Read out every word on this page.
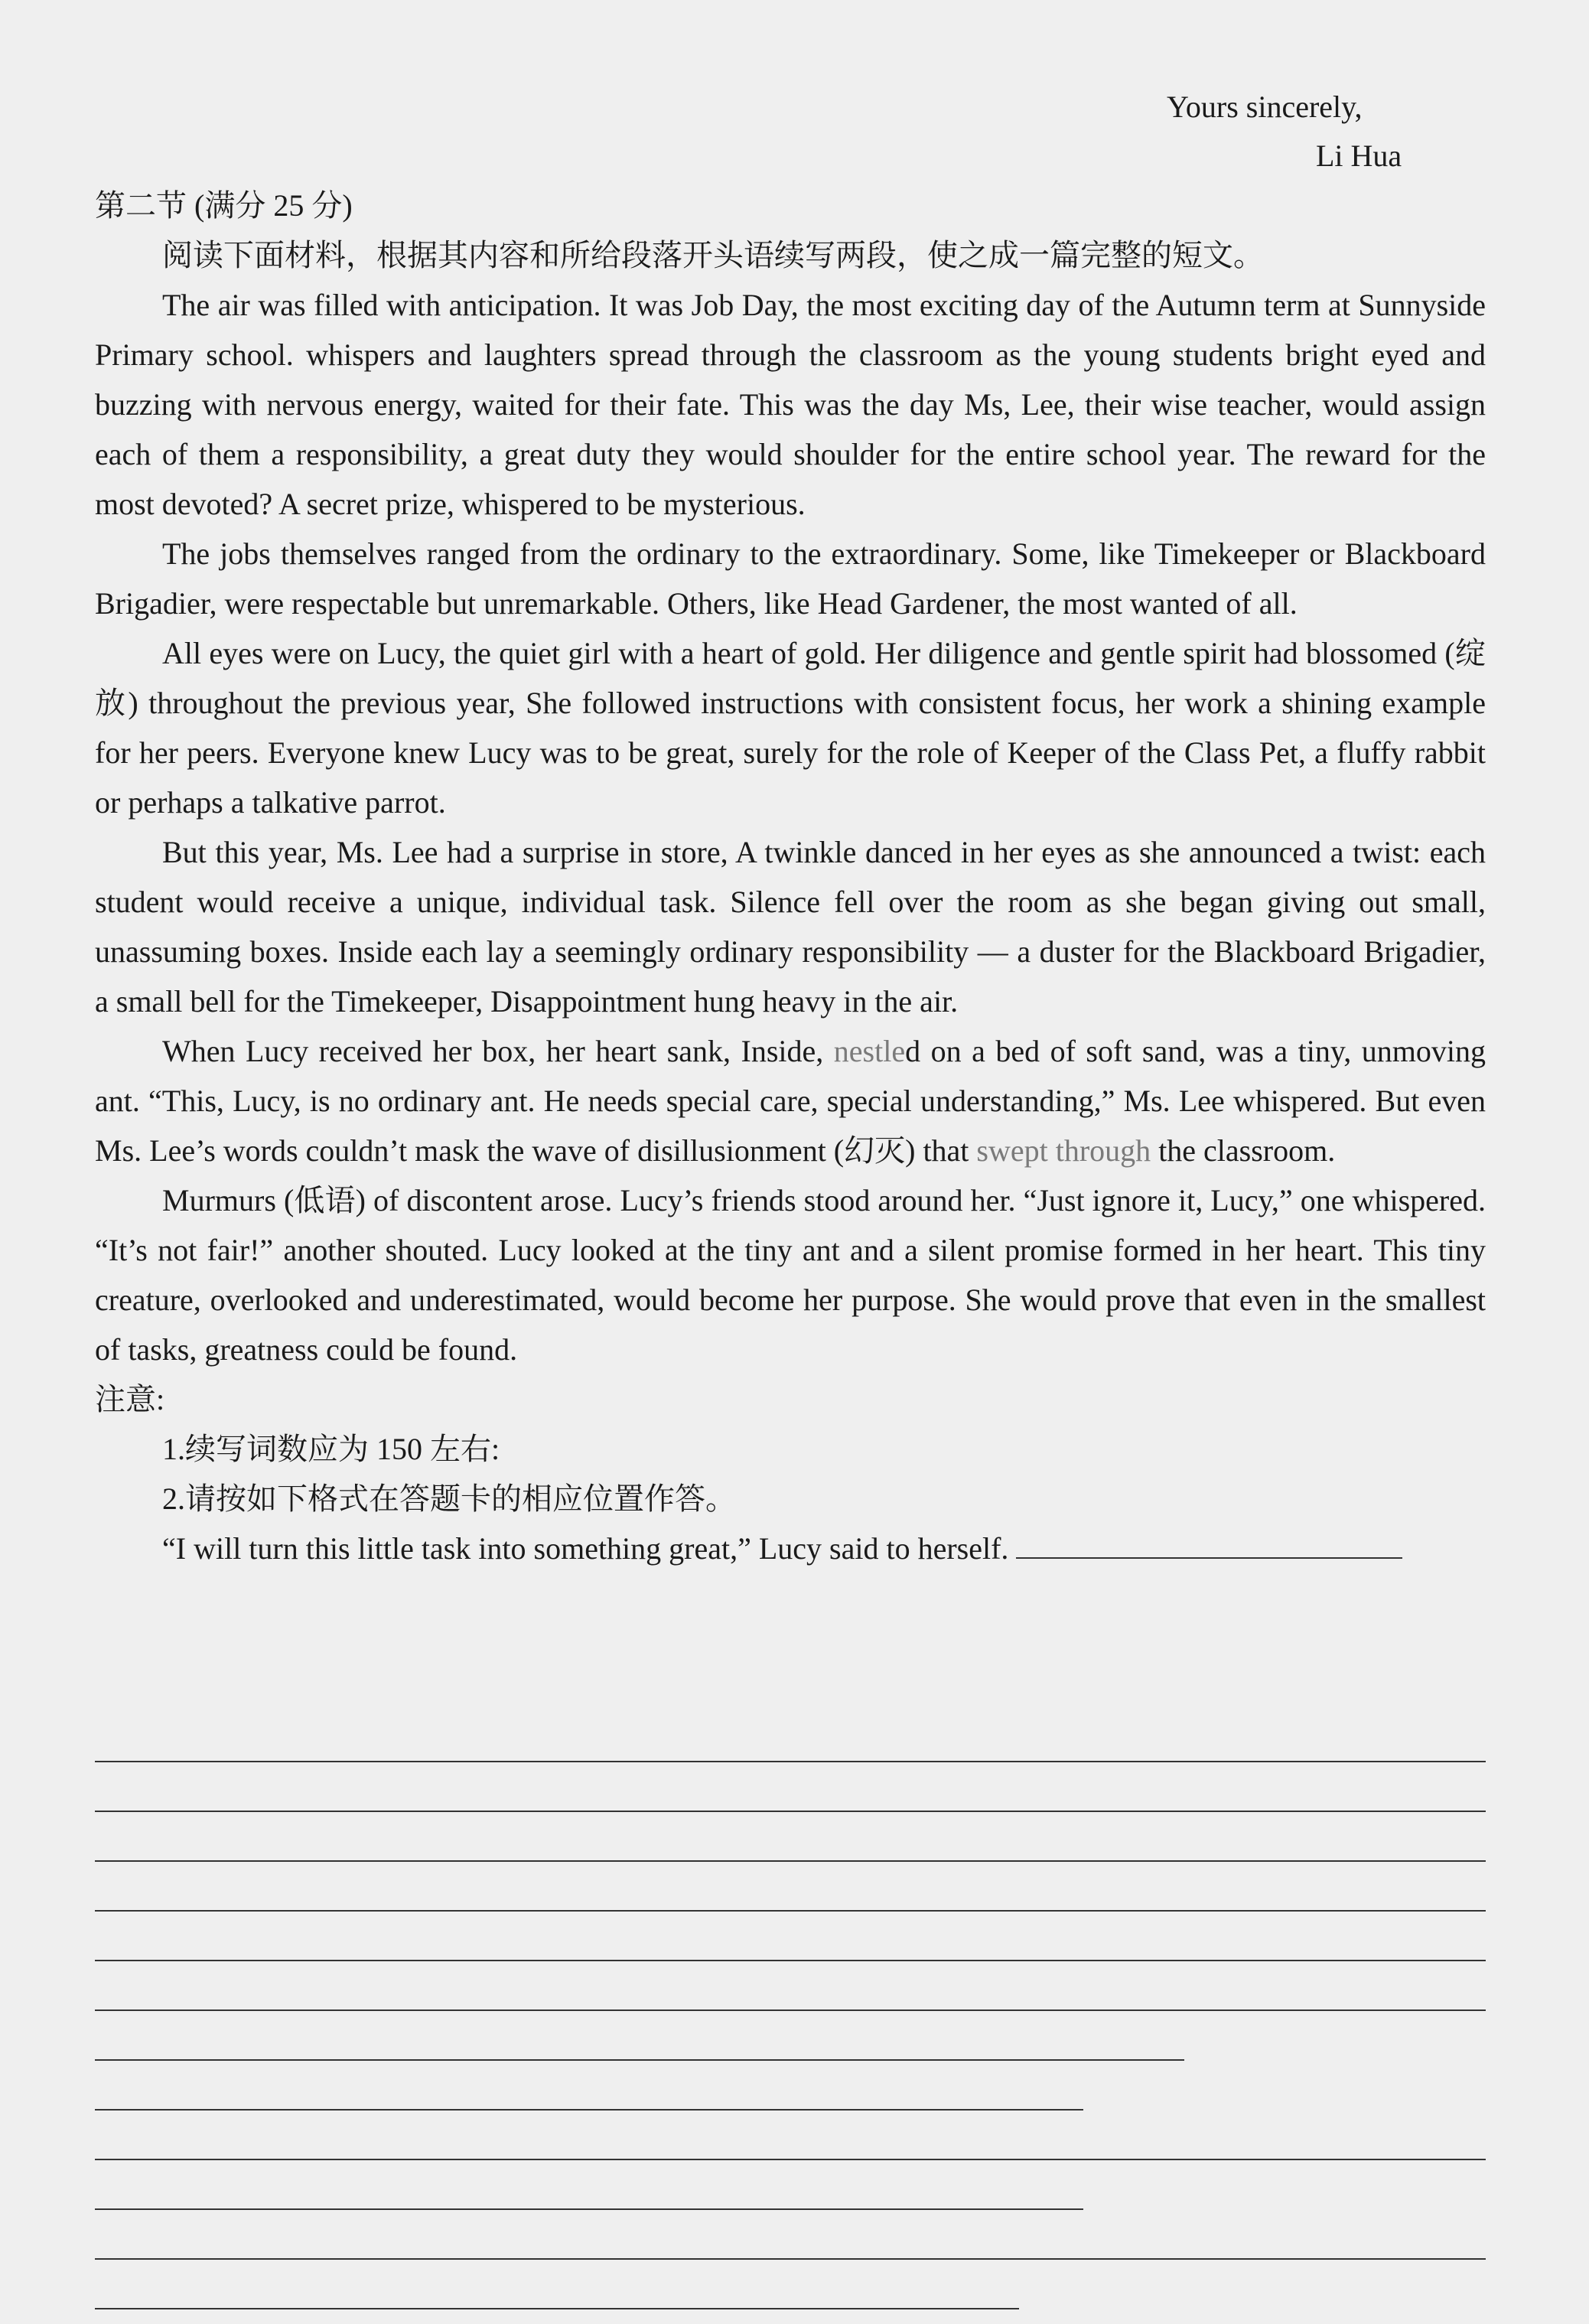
Yours sincerely,
Li Hua

第二节 (满分 25 分)

阅读下面材料，根据其内容和所给段落开头语续写两段，使之成一篇完整的短文。

The air was filled with anticipation. It was Job Day, the most exciting day of the Autumn term at Sunnyside Primary school. whispers and laughters spread through the classroom as the young students bright eyed and buzzing with nervous energy, waited for their fate. This was the day Ms, Lee, their wise teacher, would assign each of them a responsibility, a great duty they would shoulder for the entire school year. The reward for the most devoted? A secret prize, whispered to be mysterious.

The jobs themselves ranged from the ordinary to the extraordinary. Some, like Timekeeper or Blackboard Brigadier, were respectable but unremarkable. Others, like Head Gardener, the most wanted of all.

All eyes were on Lucy, the quiet girl with a heart of gold. Her diligence and gentle spirit had blossomed (绽放) throughout the previous year, She followed instructions with consistent focus, her work a shining example for her peers. Everyone knew Lucy was to be great, surely for the role of Keeper of the Class Pet, a fluffy rabbit or perhaps a talkative parrot.

But this year, Ms. Lee had a surprise in store, A twinkle danced in her eyes as she announced a twist: each student would receive a unique, individual task. Silence fell over the room as she began giving out small, unassuming boxes. Inside each lay a seemingly ordinary responsibility — a duster for the Blackboard Brigadier, a small bell for the Timekeeper, Disappointment hung heavy in the air.

When Lucy received her box, her heart sank, Inside, nestled on a bed of soft sand, was a tiny, unmoving ant. “This, Lucy, is no ordinary ant. He needs special care, special understanding,” Ms. Lee whispered. But even Ms. Lee’s words couldn’t mask the wave of disillusionment (幻灭) that swept through the classroom.

Murmurs (低语) of discontent arose. Lucy’s friends stood around her. “Just ignore it, Lucy,” one whispered. “It’s not fair!” another shouted. Lucy looked at the tiny ant and a silent promise formed in her heart. This tiny creature, overlooked and underestimated, would become her purpose. She would prove that even in the smallest of tasks, greatness could be found.

注意:

1.续写词数应为 150 左右:

2.请按如下格式在答题卡的相应位置作答。

“I will turn this little task into something great,” Lucy said to herself.
